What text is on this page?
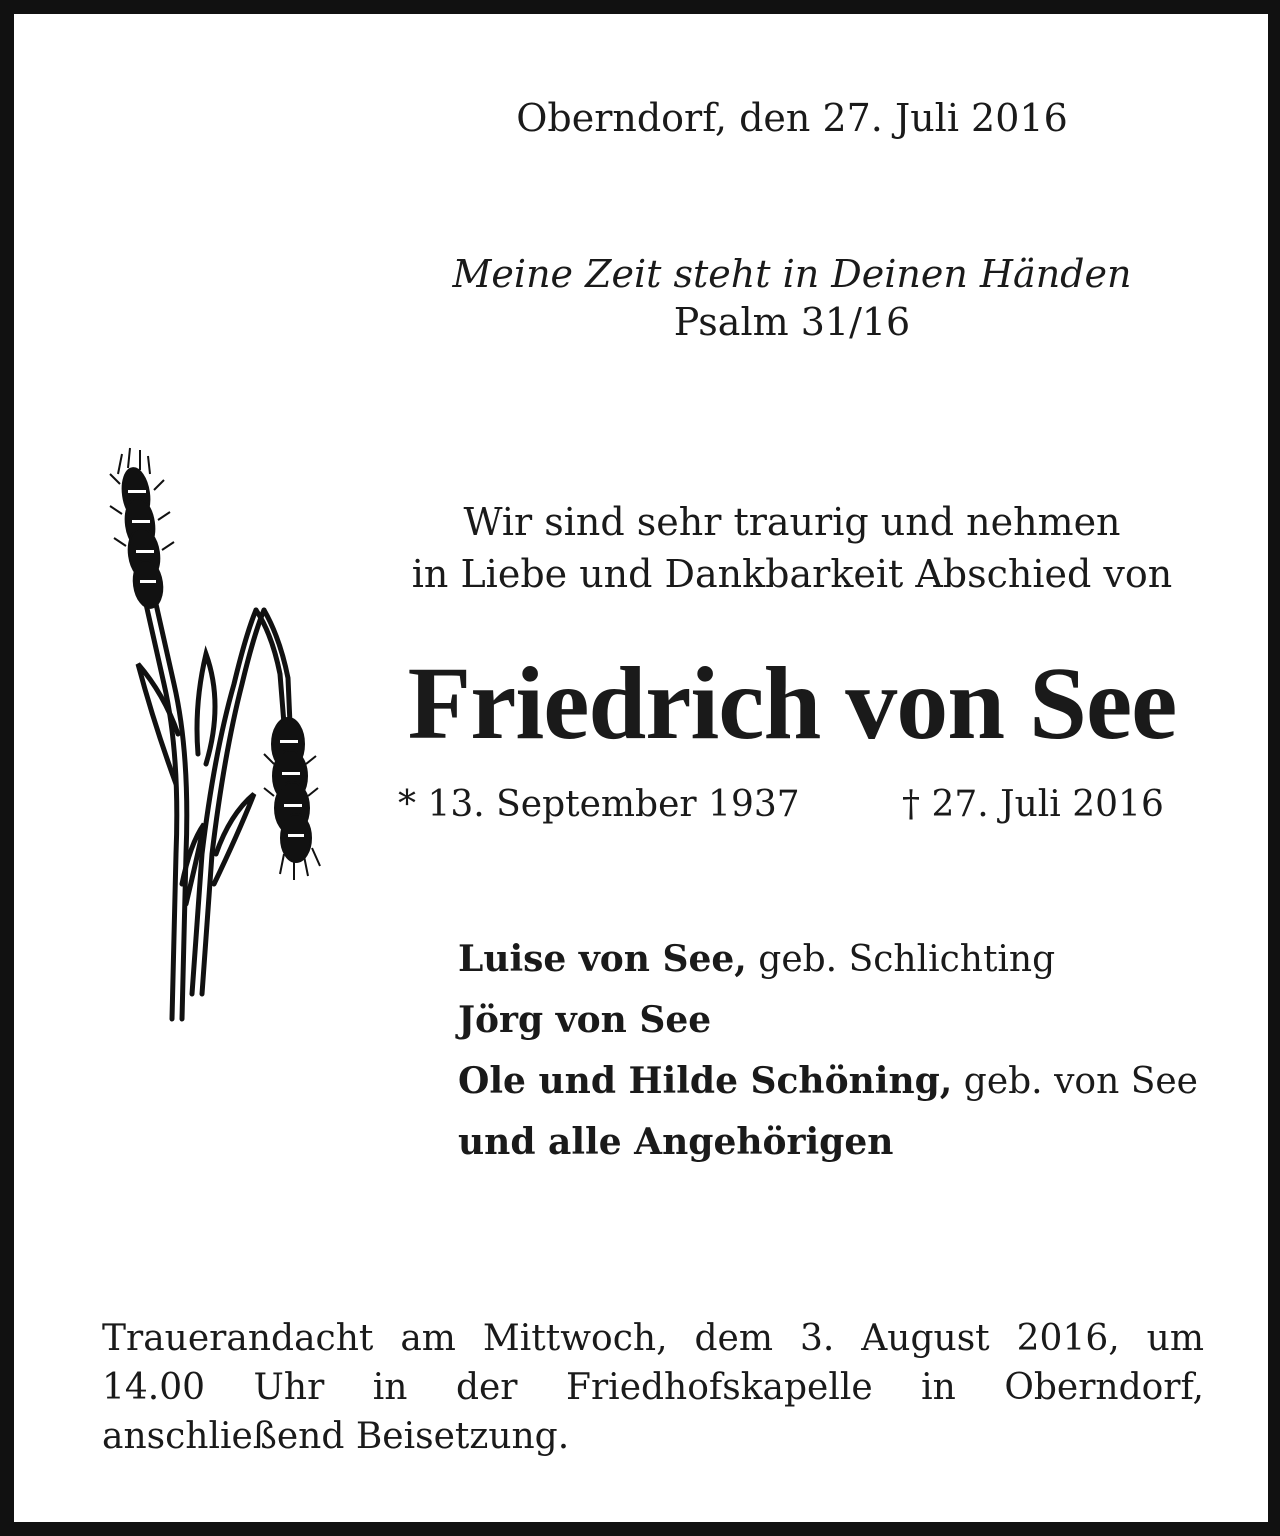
Oberndorf, den 27. Juli 2016
Meine Zeit steht in Deinen Händen
Psalm 31/16
Wir sind sehr traurig und nehmen
in Liebe und Dankbarkeit Abschied von
Friedrich von See
* 13. September 1937	† 27. Juli 2016
Luise von See, geb. Schlichting
Jörg von See
Ole und Hilde Schöning, geb. von See
und alle Angehörigen
Trauerandacht am Mittwoch, dem 3. August 2016, um 14.00 Uhr in der Friedhofskapelle in Oberndorf, anschließend Beisetzung.
